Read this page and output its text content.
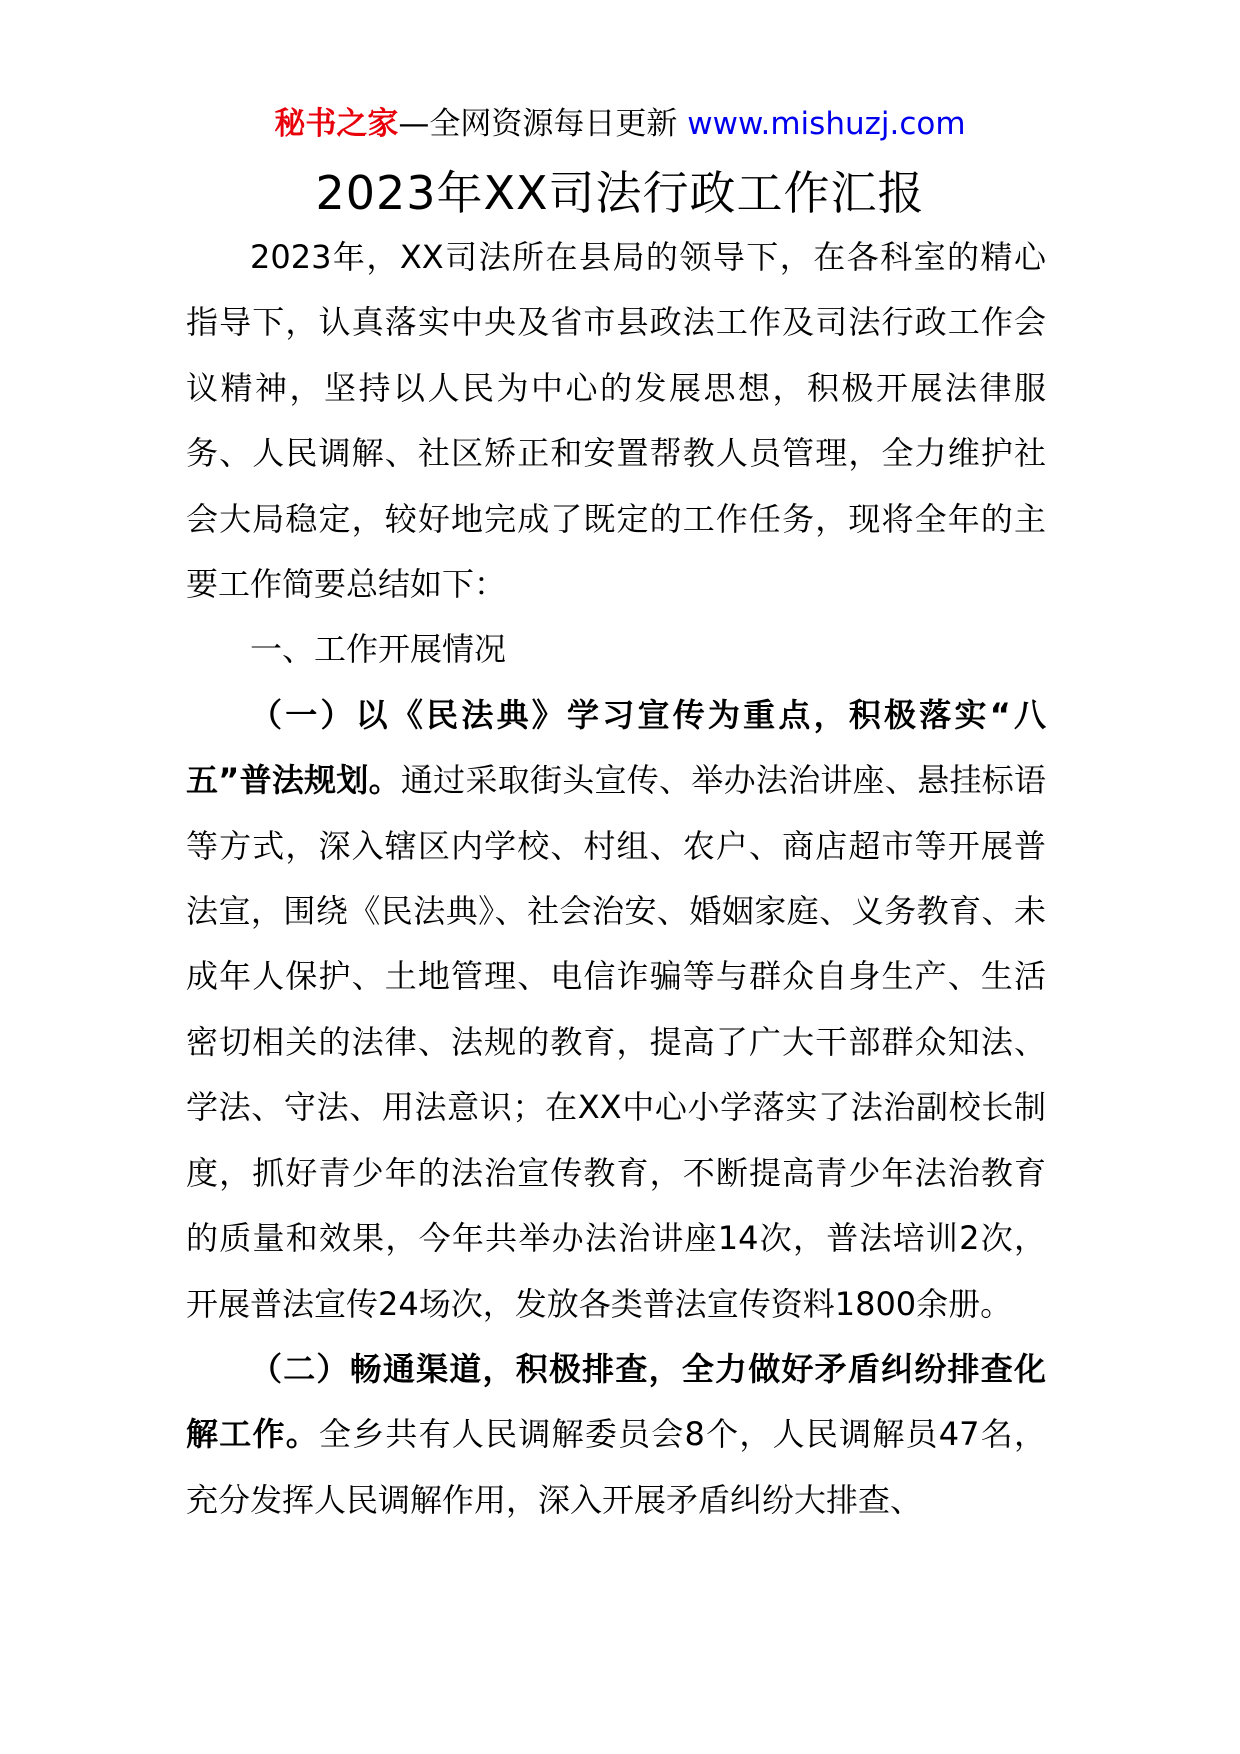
秘书之家—全网资源每日更新 www.mishuzj.com
2023年XX司法行政工作汇报

2023年，XX司法所在县局的领导下，在各科室的精心指导下，认真落实中央及省市县政法工作及司法行政工作会议精神，坚持以人民为中心的发展思想，积极开展法律服务、人民调解、社区矫正和安置帮教人员管理，全力维护社会大局稳定，较好地完成了既定的工作任务，现将全年的主要工作简要总结如下：

一、工作开展情况

（一）以《民法典》学习宣传为重点，积极落实“八五”普法规划。通过采取街头宣传、举办法治讲座、悬挂标语等方式，深入辖区内学校、村组、农户、商店超市等开展普法宣，围绕《民法典》、社会治安、婚姻家庭、义务教育、未成年人保护、土地管理、电信诈骗等与群众自身生产、生活密切相关的法律、法规的教育，提高了广大干部群众知法、学法、守法、用法意识；在XX中心小学落实了法治副校长制度，抓好青少年的法治宣传教育，不断提高青少年法治教育的质量和效果，今年共举办法治讲座14次，普法培训2次，开展普法宣传24场次，发放各类普法宣传资料1800余册。

（二）畅通渠道，积极排查，全力做好矛盾纠纷排查化解工作。全乡共有人民调解委员会8个，人民调解员47名，充分发挥人民调解作用，深入开展矛盾纠纷大排查、
